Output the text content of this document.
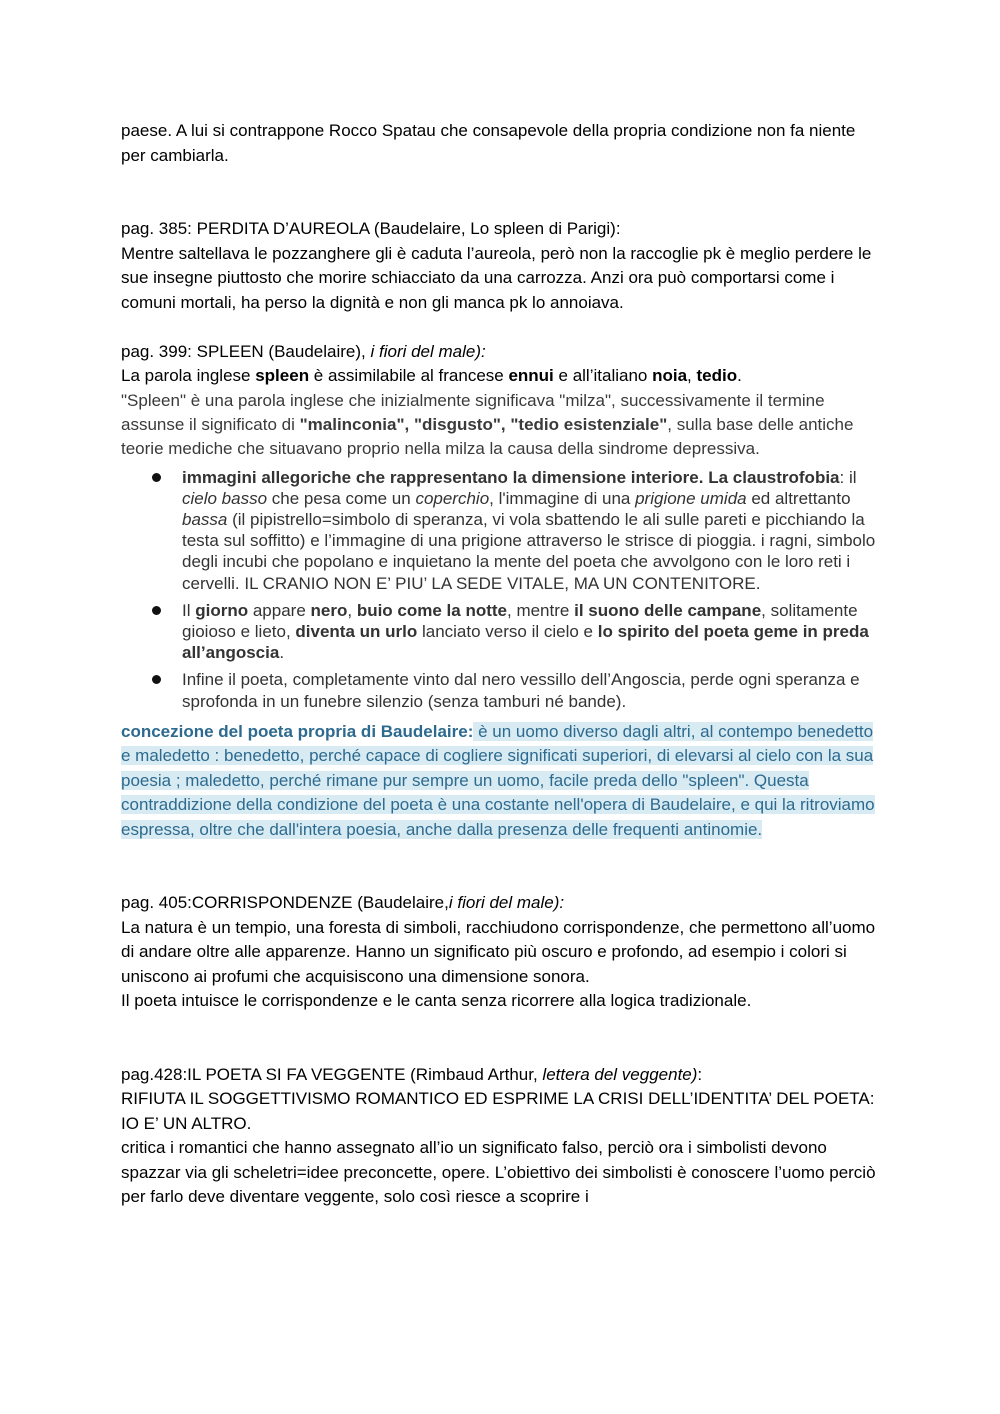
paese. A lui si contrappone Rocco Spatau che consapevole della propria condizione non fa niente per cambiarla.

pag. 385: PERDITA D’AUREOLA (Baudelaire, Lo spleen di Parigi):

Mentre saltellava le pozzanghere gli è caduta l’aureola, però non la raccoglie pk è meglio perdere le sue insegne piuttosto che morire schiacciato da una carrozza. Anzi ora può comportarsi come i comuni mortali, ha perso la dignità e non gli manca pk lo annoiava.

pag. 399: SPLEEN (Baudelaire), i fiori del male):

La parola inglese spleen è assimilabile al francese ennui e all’italiano noia, tedio.

"Spleen" è una parola inglese che inizialmente significava "milza", successivamente il termine assunse il significato di "malinconia", "disgusto", "tedio esistenziale", sulla base delle antiche teorie mediche che situavano proprio nella milza la causa della sindrome depressiva.

immagini allegoriche che rappresentano la dimensione interiore. La claustrofobia: il cielo basso che pesa come un coperchio, l'immagine di una prigione umida ed altrettanto bassa (il pipistrello=simbolo di speranza, vi vola sbattendo le ali sulle pareti e picchiando la testa sul soffitto) e l’immagine di una prigione attraverso le strisce di pioggia. i ragni, simbolo degli incubi che popolano e inquietano la mente del poeta che avvolgono con le loro reti i cervelli. IL CRANIO NON E’ PIU’ LA SEDE VITALE, MA UN CONTENITORE.
Il giorno appare nero, buio come la notte, mentre il suono delle campane, solitamente gioioso e lieto, diventa un urlo lanciato verso il cielo e lo spirito del poeta geme in preda all’angoscia.
Infine il poeta, completamente vinto dal nero vessillo dell’Angoscia, perde ogni speranza e sprofonda in un funebre silenzio (senza tamburi né bande).
concezione del poeta propria di Baudelaire: è un uomo diverso dagli altri, al contempo benedetto e maledetto : benedetto, perché capace di cogliere significati superiori, di elevarsi al cielo con la sua poesia ; maledetto, perché rimane pur sempre un uomo, facile preda dello "spleen". Questa contraddizione della condizione del poeta è una costante nell'opera di Baudelaire, e qui la ritroviamo espressa, oltre che dall'intera poesia, anche dalla presenza delle frequenti antinomie.

pag. 405:CORRISPONDENZE (Baudelaire,i fiori del male):

La natura è un tempio, una foresta di simboli, racchiudono corrispondenze, che permettono all’uomo di andare oltre alle apparenze. Hanno un significato più oscuro e profondo, ad esempio i colori si uniscono ai profumi che acquisiscono una dimensione sonora.

Il poeta intuisce le corrispondenze e le canta senza ricorrere alla logica tradizionale.

pag.428:IL POETA SI FA VEGGENTE (Rimbaud Arthur, lettera del veggente):

RIFIUTA IL SOGGETTIVISMO ROMANTICO ED ESPRIME LA CRISI DELL’IDENTITA’ DEL POETA: IO E’ UN ALTRO.

critica i romantici che hanno assegnato all’io un significato falso, perciò ora i simbolisti devono spazzar via gli scheletri=idee preconcette, opere. L’obiettivo dei simbolisti è conoscere l’uomo perciò per farlo deve diventare veggente, solo così riesce a scoprire i
